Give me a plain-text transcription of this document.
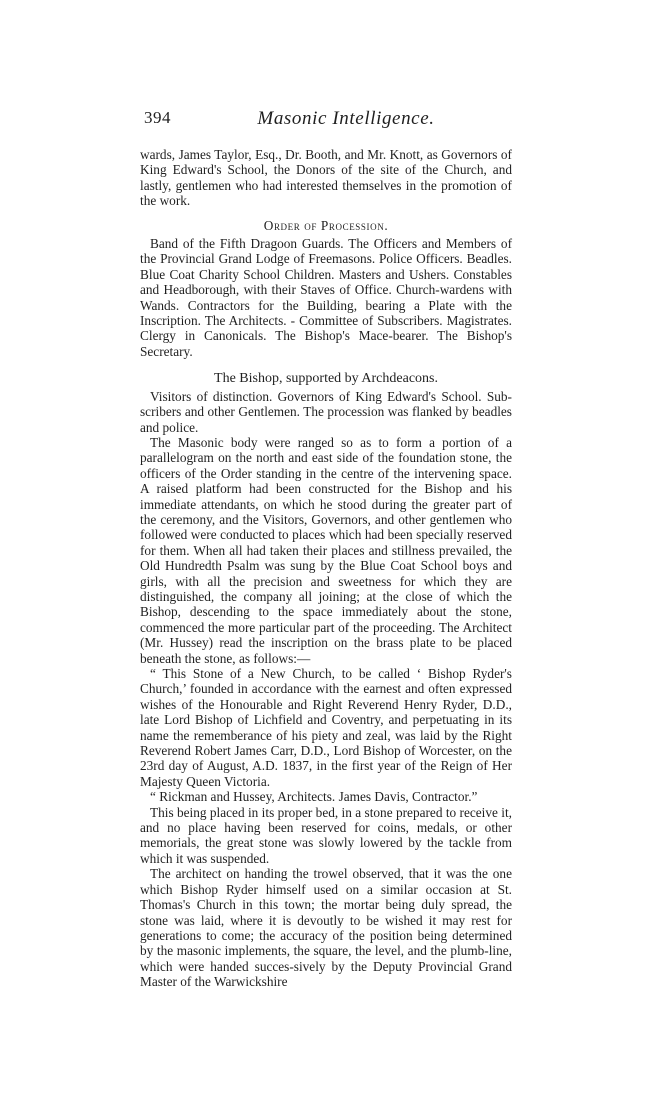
394	Masonic Intelligence.

wards, James Taylor, Esq., Dr. Booth, and Mr. Knott, as Governors of King Edward's School, the Donors of the site of the Church, and lastly, gentlemen who had interested themselves in the promotion of the work.

Order of Procession.

Band of the Fifth Dragoon Guards. The Officers and Members of the Provincial Grand Lodge of Freemasons. Police Officers. Beadles. Blue Coat Charity School Children. Masters and Ushers. Constables and Headborough, with their Staves of Office. Church-wardens with Wands. Contractors for the Building, bearing a Plate with the Inscription. The Architects. - Committee of Subscribers. Magistrates. Clergy in Canonicals. The Bishop's Mace-bearer. The Bishop's Secretary.

The Bishop, supported by Archdeacons.

Visitors of distinction. Governors of King Edward's School. Sub-scribers and other Gentlemen. The procession was flanked by beadles and police.

The Masonic body were ranged so as to form a portion of a parallelogram on the north and east side of the foundation stone, the officers of the Order standing in the centre of the intervening space. A raised platform had been constructed for the Bishop and his immediate attendants, on which he stood during the greater part of the ceremony, and the Visitors, Governors, and other gentlemen who followed were conducted to places which had been specially reserved for them. When all had taken their places and stillness prevailed, the Old Hundredth Psalm was sung by the Blue Coat School boys and girls, with all the precision and sweetness for which they are distinguished, the company all joining; at the close of which the Bishop, descending to the space immediately about the stone, commenced the more particular part of the proceeding. The Architect (Mr. Hussey) read the inscription on the brass plate to be placed beneath the stone, as follows:—

“ This Stone of a New Church, to be called ‘ Bishop Ryder's Church,’ founded in accordance with the earnest and often expressed wishes of the Honourable and Right Reverend Henry Ryder, D.D., late Lord Bishop of Lichfield and Coventry, and perpetuating in its name the rememberance of his piety and zeal, was laid by the Right Reverend Robert James Carr, D.D., Lord Bishop of Worcester, on the 23rd day of August, A.D. 1837, in the first year of the Reign of Her Majesty Queen Victoria.

“ Rickman and Hussey, Architects. James Davis, Contractor.”

This being placed in its proper bed, in a stone prepared to receive it, and no place having been reserved for coins, medals, or other memorials, the great stone was slowly lowered by the tackle from which it was suspended.

The architect on handing the trowel observed, that it was the one which Bishop Ryder himself used on a similar occasion at St. Thomas's Church in this town; the mortar being duly spread, the stone was laid, where it is devoutly to be wished it may rest for generations to come; the accuracy of the position being determined by the masonic implements, the square, the level, and the plumb-line, which were handed succes-sively by the Deputy Provincial Grand Master of the Warwickshire
